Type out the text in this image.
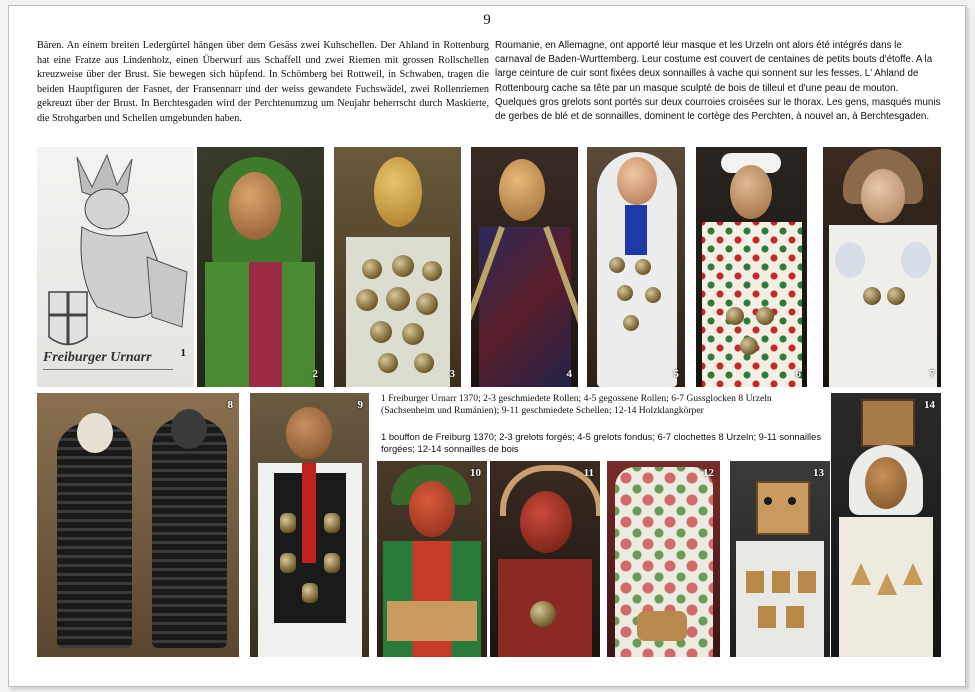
9
Bären. An einem breiten Ledergürtel hängen über dem Gesäss zwei Kuhschellen. Der Ahland in Rottenburg hat eine Fratze aus Lindenholz, einen Überwurf aus Schaffell und zwei Riemen mit grossen Rollschellen kreuzweise über der Brust. Sie bewegen sich hüpfend. In Schömberg bei Rottweil, in Schwaben, tragen die beiden Hauptfiguren der Fasnet, der Fransennarr und der weiss gewandete Fuchswädel, zwei Rollenriemen gekreuzt über der Brust. In Berchtesgaden wird der Perchtenumzug um Neujahr beherrscht durch Maskierte, die Strohgarben und Schellen umgebunden haben.
Roumanie, en Allemagne, ont apporté leur masque et les Urzeln ont alors été intégrés dans le carnaval de Baden-Wurttemberg. Leur costume est couvert de centaines de petits bouts d'étoffe. A la large ceinture de cuir sont fixées deux sonnailles à vache qui sonnent sur les fesses. L' Ahland de Rottenbourg cache sa tête par un masque sculpté de bois de tilleul et d'une peau de mouton. Quelques gros grelots sont portés sur deux courroies croisées sur le thorax. Les gens, masqués munis de gerbes de blé et de sonnailles, dominent le cortège des Perchten, à nouvel an, à Berchtesgaden.
Freiburger Urnarr	1
2	3	4	5	6	7
8	9
1 Freiburger Urnarr 1370; 2-3 geschmiedete Rollen; 4-5 gegossene Rollen; 6-7 Gussglocken 8 Urzeln (Sachsenheim und Rumänien); 9-11 geschmiedete Schellen; 12-14 Holzklangkörper
1 bouffon de Freiburg 1370; 2-3 grelots forgés; 4-5 grelots fondus; 6-7 clochettes 8 Urzeln; 9-11 sonnailles forgées; 12-14 sonnailles de bois
10	11	12	13
14
